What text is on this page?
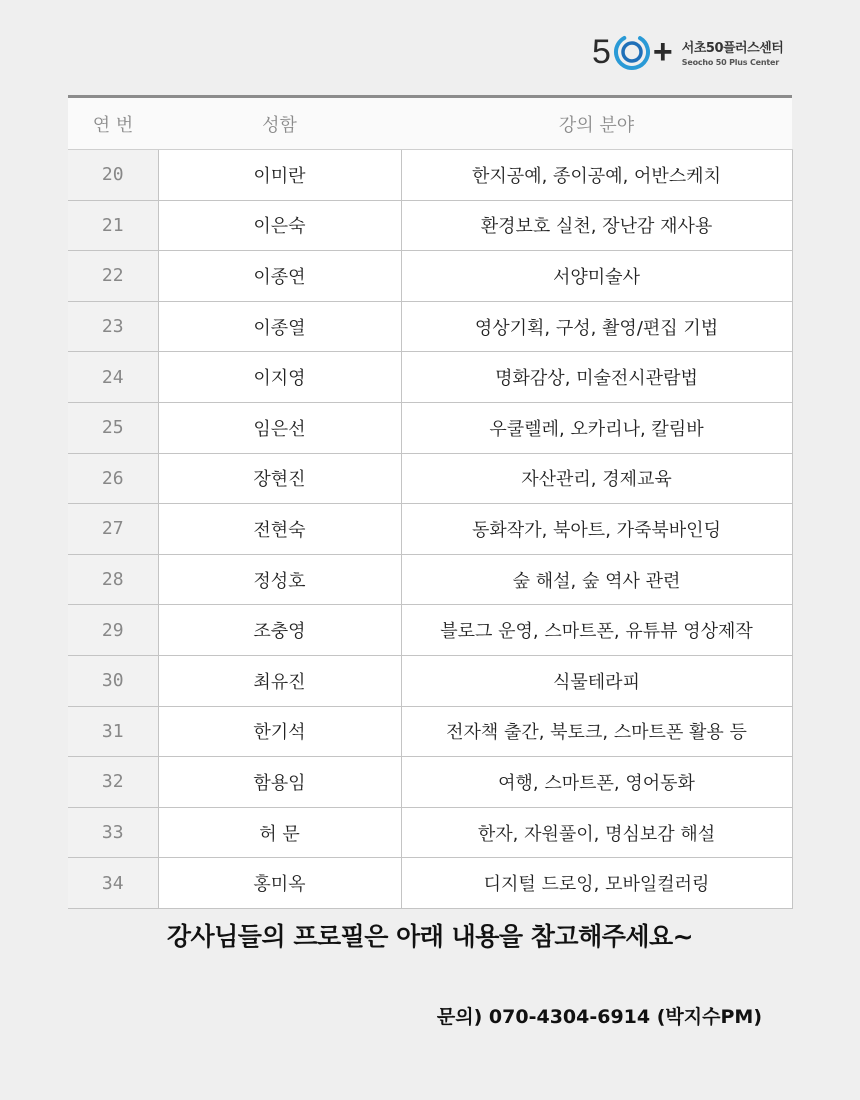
5 + 서초50플러스센터
Seocho 50 Plus Center
연 번	성함	강의 분야
20	이미란	한지공예, 종이공예, 어반스케치
21	이은숙	환경보호 실천, 장난감 재사용
22	이종연	서양미술사
23	이종열	영상기획, 구성, 촬영/편집 기법
24	이지영	명화감상, 미술전시관람법
25	임은선	우쿨렐레, 오카리나, 칼림바
26	장현진	자산관리, 경제교육
27	전현숙	동화작가, 북아트, 가죽북바인딩
28	정성호	숲 해설, 숲 역사 관련
29	조충영	블로그 운영, 스마트폰, 유튜뷰 영상제작
30	최유진	식물테라피
31	한기석	전자책 출간, 북토크, 스마트폰 활용 등
32	함용임	여행, 스마트폰, 영어동화
33	허 문	한자, 자원풀이, 명심보감 해설
34	홍미옥	디지털 드로잉, 모바일컬러링
강사님들의 프로필은 아래 내용을 참고해주세요~
문의) 070-4304-6914 (박지수PM)
